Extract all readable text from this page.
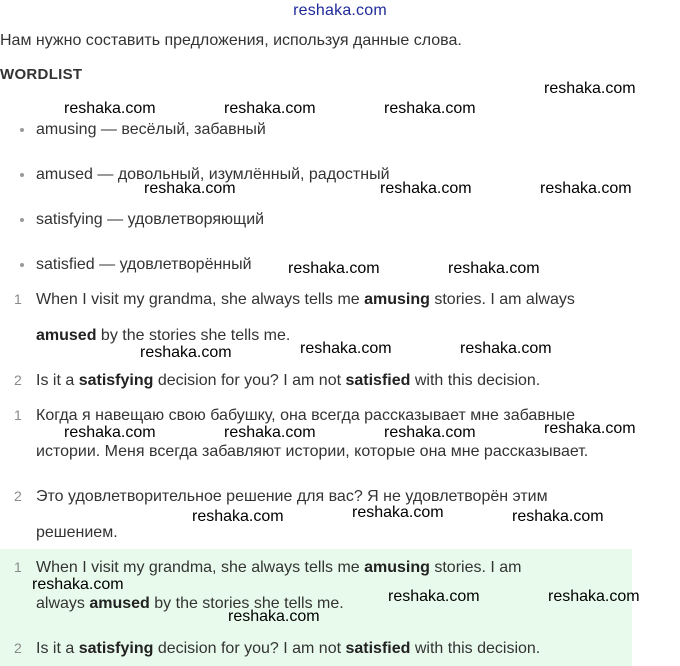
reshaka.com
Нам нужно составить предложения, используя данные слова.
WORDLIST
amusing — весёлый, забавный
amused — довольный, изумлённый, радостный
satisfying — удовлетворяющий
satisfied — удовлетворённый
1 When I visit my grandma, she always tells me amusing stories. I am always
amused by the stories she tells me.
2 Is it a satisfying decision for you? I am not satisfied with this decision.
1 Когда я навещаю свою бабушку, она всегда рассказывает мне забавные
истории. Меня всегда забавляют истории, которые она мне рассказывает.
2 Это удовлетворительное решение для вас? Я не удовлетворён этим
решением.
1 When I visit my grandma, she always tells me amusing stories. I am
always amused by the stories she tells me.
2 Is it a satisfying decision for you? I am not satisfied with this decision.
reshaka.com
reshaka.com	reshaka.com	reshaka.com
reshaka.com	reshaka.com	reshaka.com
reshaka.com	reshaka.com
reshaka.com	reshaka.com	reshaka.com
reshaka.com
reshaka.com	reshaka.com	reshaka.com
reshaka.com
reshaka.com	reshaka.com
reshaka.com
reshaka.com	reshaka.com
reshaka.com
